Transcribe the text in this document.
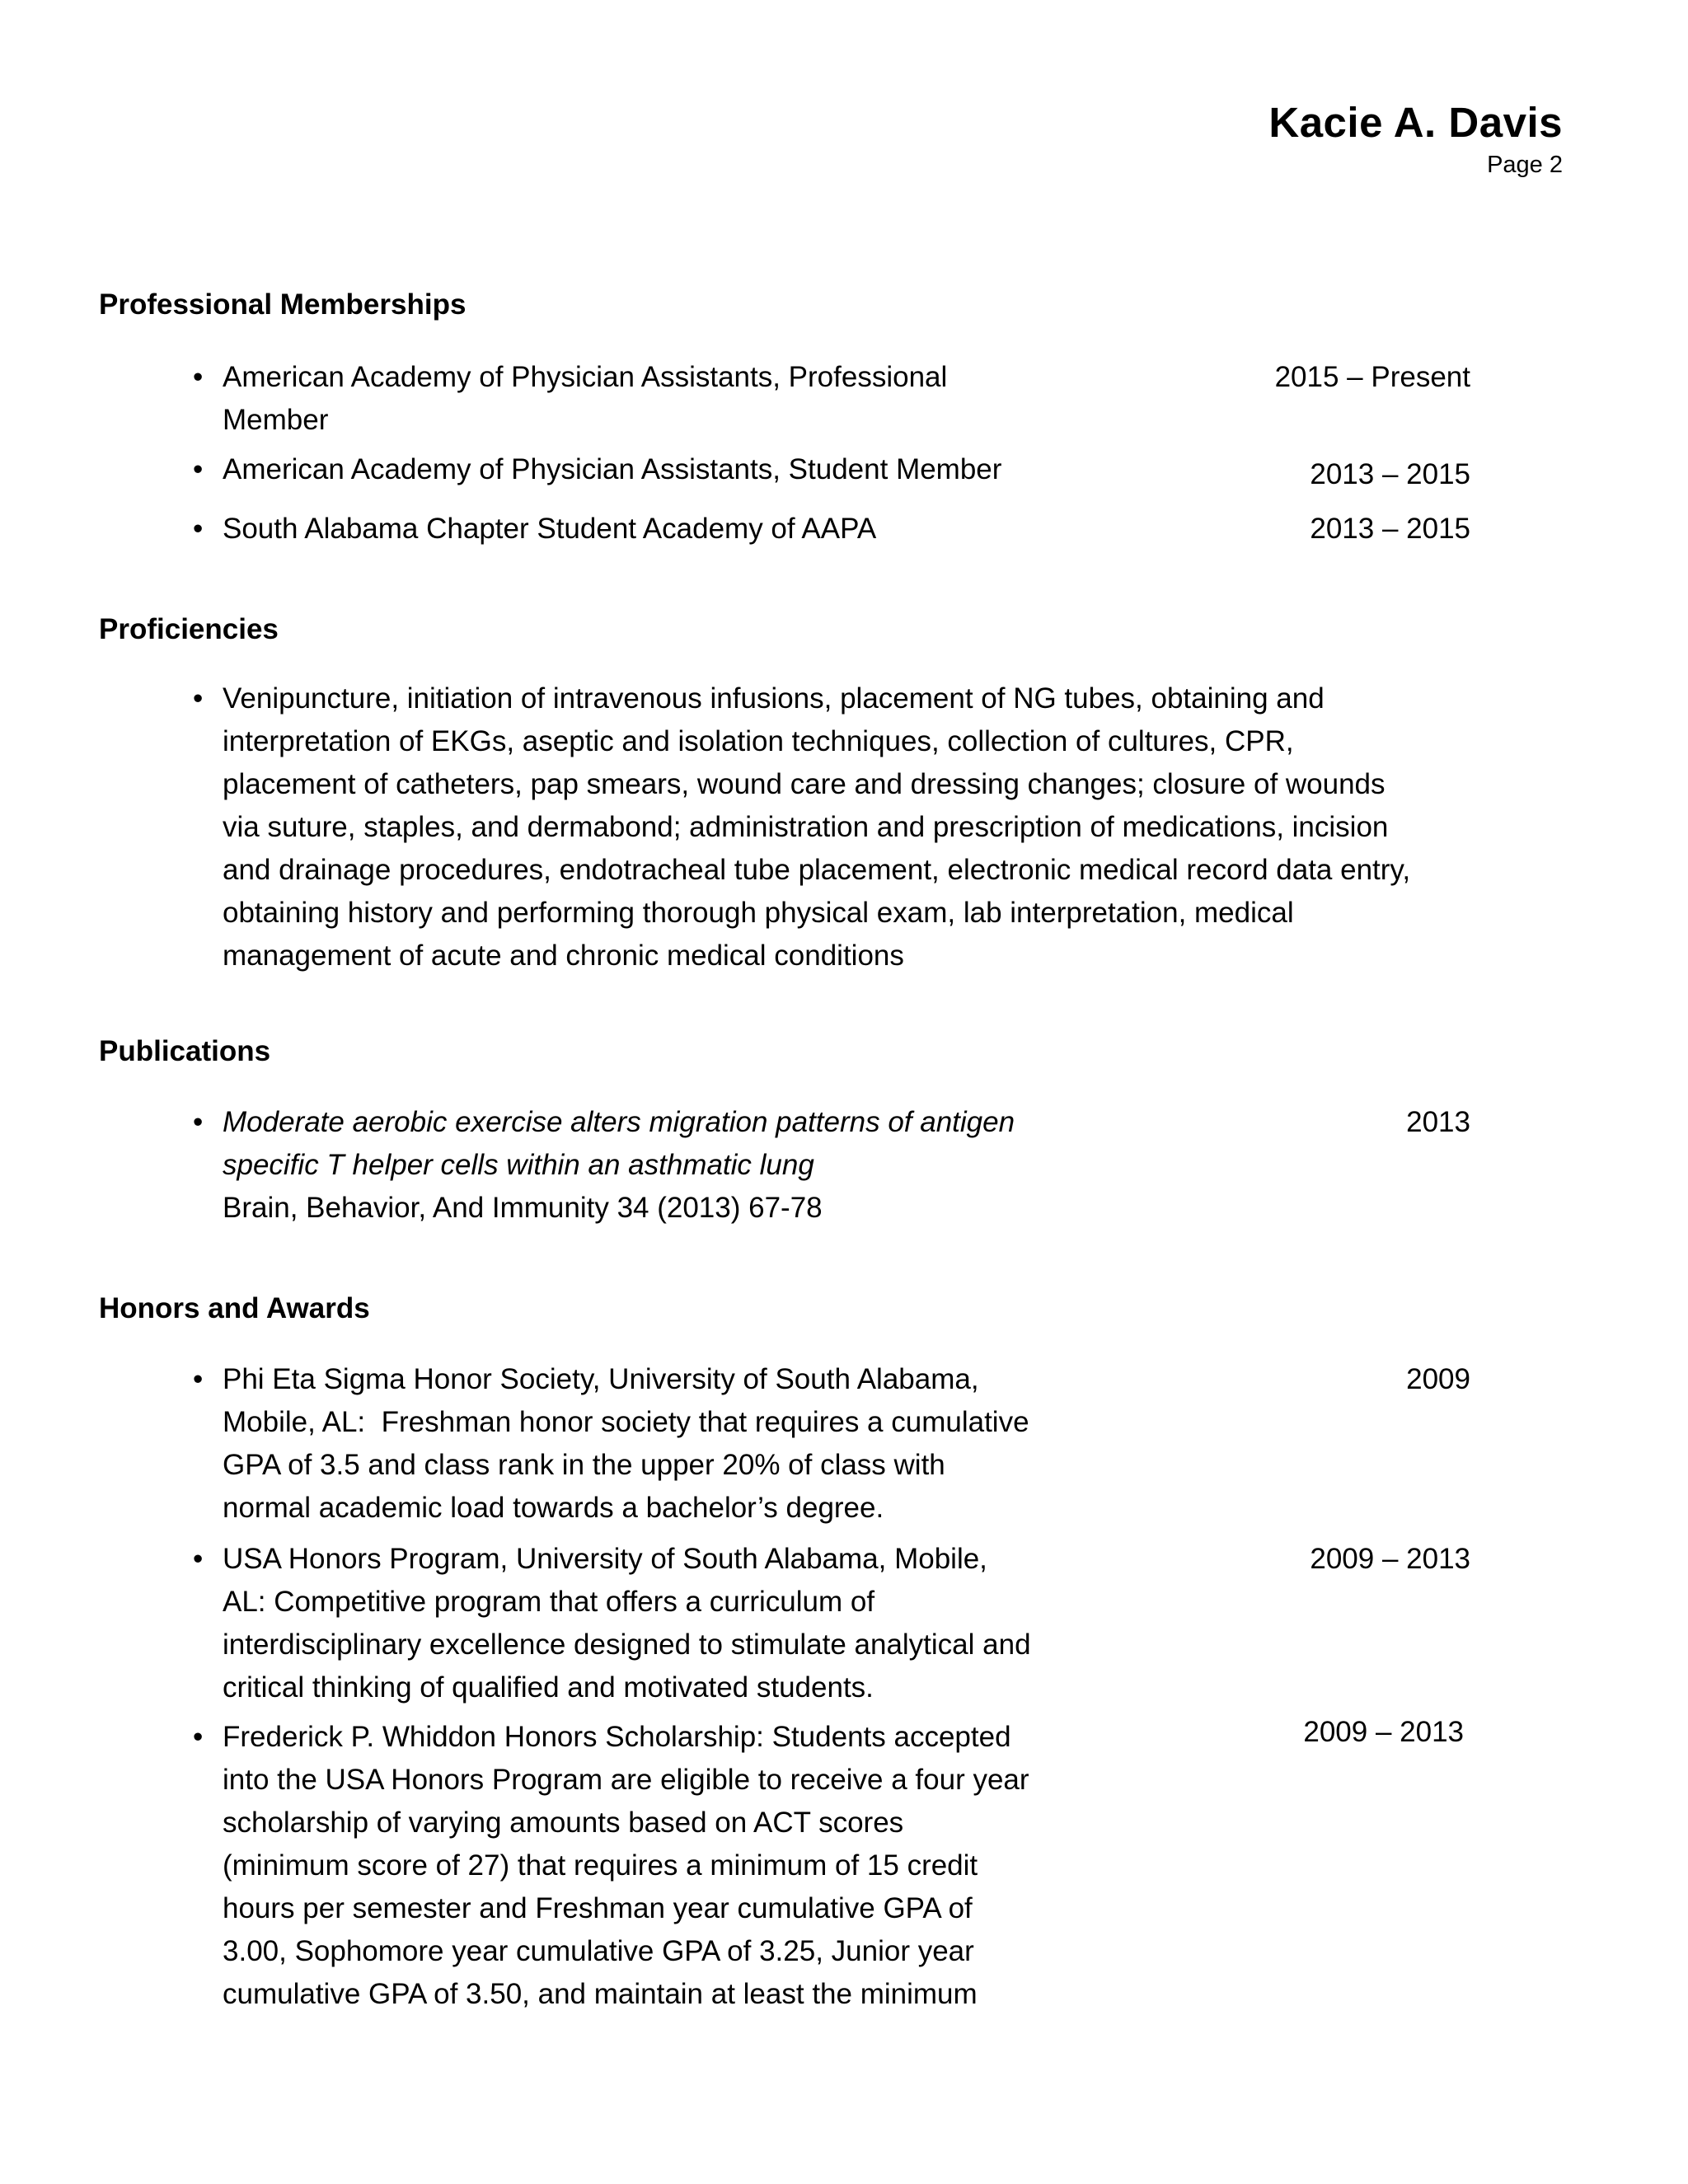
Kacie A. Davis
Page 2
Professional Memberships
• American Academy of Physician Assistants, Professional
Member
2015 – Present
• American Academy of Physician Assistants, Student Member	2013 – 2015
• South Alabama Chapter Student Academy of AAPA	2013 – 2015
Proficiencies
• Venipuncture, initiation of intravenous infusions, placement of NG tubes, obtaining and
interpretation of EKGs, aseptic and isolation techniques, collection of cultures, CPR,
placement of catheters, pap smears, wound care and dressing changes; closure of wounds
via suture, staples, and dermabond; administration and prescription of medications, incision
and drainage procedures, endotracheal tube placement, electronic medical record data entry,
obtaining history and performing thorough physical exam, lab interpretation, medical
management of acute and chronic medical conditions
Publications
• Moderate aerobic exercise alters migration patterns of antigen
specific T helper cells within an asthmatic lung
Brain, Behavior, And Immunity 34 (2013) 67-78
2013
Honors and Awards
• Phi Eta Sigma Honor Society, University of South Alabama,
Mobile, AL:  Freshman honor society that requires a cumulative
GPA of 3.5 and class rank in the upper 20% of class with
normal academic load towards a bachelor’s degree.
2009
• USA Honors Program, University of South Alabama, Mobile,
AL: Competitive program that offers a curriculum of
interdisciplinary excellence designed to stimulate analytical and
critical thinking of qualified and motivated students.
2009 – 2013
• Frederick P. Whiddon Honors Scholarship: Students accepted
into the USA Honors Program are eligible to receive a four year
scholarship of varying amounts based on ACT scores
(minimum score of 27) that requires a minimum of 15 credit
hours per semester and Freshman year cumulative GPA of
3.00, Sophomore year cumulative GPA of 3.25, Junior year
cumulative GPA of 3.50, and maintain at least the minimum
2009 – 2013
